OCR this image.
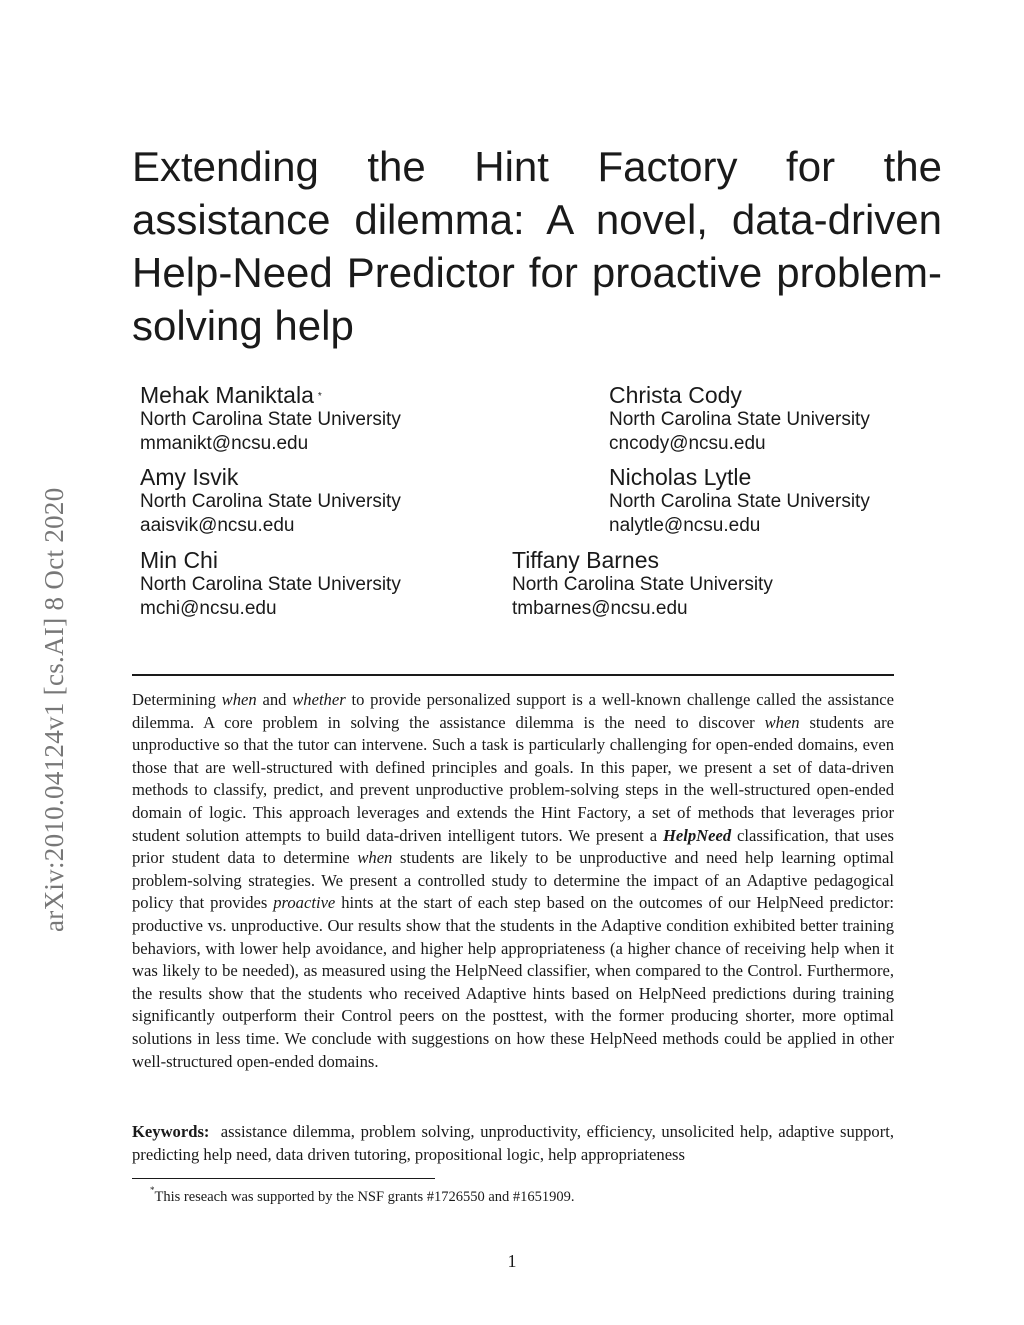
arXiv:2010.04124v1 [cs.AI] 8 Oct 2020
Extending the Hint Factory for the assistance dilemma: A novel, data-driven Help-Need Predictor for proactive problem-solving help
Mehak Maniktala *
North Carolina State University
mmanikt@ncsu.edu
Christa Cody
North Carolina State University
cncody@ncsu.edu
Amy Isvik
North Carolina State University
aaisvik@ncsu.edu
Nicholas Lytle
North Carolina State University
nalytle@ncsu.edu
Min Chi
North Carolina State University
mchi@ncsu.edu
Tiffany Barnes
North Carolina State University
tmbarnes@ncsu.edu

Determining when and whether to provide personalized support is a well-known challenge called the assistance dilemma. A core problem in solving the assistance dilemma is the need to discover when students are unproductive so that the tutor can intervene. Such a task is particularly challenging for open-ended domains, even those that are well-structured with defined principles and goals. In this paper, we present a set of data-driven methods to classify, predict, and prevent unproductive problem-solving steps in the well-structured open-ended domain of logic. This approach leverages and extends the Hint Factory, a set of methods that leverages prior student solution attempts to build data-driven intelligent tutors. We present a HelpNeed classification, that uses prior student data to determine when students are likely to be unproductive and need help learning optimal problem-solving strategies. We present a controlled study to determine the impact of an Adaptive pedagogical policy that provides proactive hints at the start of each step based on the outcomes of our HelpNeed predictor: productive vs. unproductive. Our results show that the students in the Adaptive condition exhibited better training behaviors, with lower help avoidance, and higher help appropriateness (a higher chance of receiving help when it was likely to be needed), as measured using the HelpNeed classifier, when compared to the Control. Furthermore, the results show that the students who received Adaptive hints based on HelpNeed predictions during training significantly outperform their Control peers on the posttest, with the former producing shorter, more optimal solutions in less time. We conclude with suggestions on how these HelpNeed methods could be applied in other well-structured open-ended domains.

Keywords: assistance dilemma, problem solving, unproductivity, efficiency, unsolicited help, adaptive support, predicting help need, data driven tutoring, propositional logic, help appropriateness

*This reseach was supported by the NSF grants #1726550 and #1651909.

1
